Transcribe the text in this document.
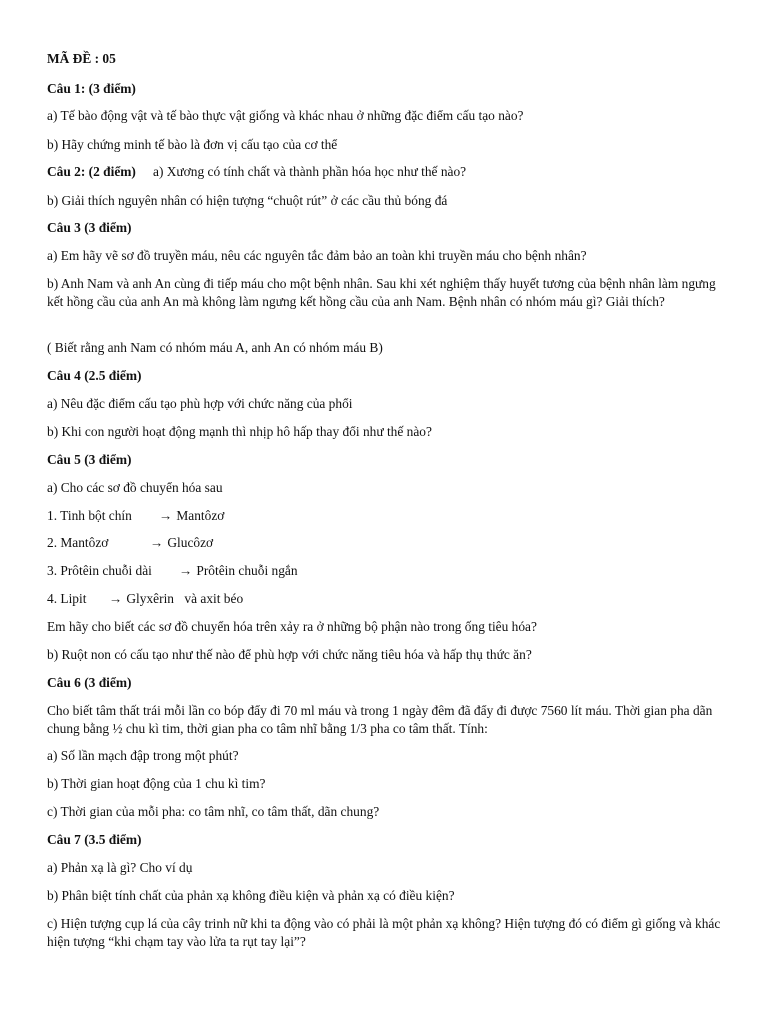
MÃ ĐỀ : 05
Câu 1: (3 điểm)
a) Tế bào động vật và tế bào thực vật giống và khác nhau ở những đặc điểm cấu tạo nào?
b) Hãy chứng minh tế bào là đơn vị cấu tạo của cơ thể
Câu 2: (2 điểm) a) Xương có tính chất và thành phần hóa học như thế nào?
b) Giải thích nguyên nhân có hiện tượng “chuột rút” ở các cầu thủ bóng đá
Câu 3 (3 điểm)
a) Em hãy vẽ sơ đồ truyền máu, nêu các nguyên tắc đảm bảo an toàn khi truyền máu cho bệnh nhân?
b) Anh Nam và anh An cùng đi tiếp máu cho một bệnh nhân. Sau khi xét nghiệm thấy huyết tương của bệnh nhân làm ngưng kết hồng cầu của anh An mà không làm ngưng kết hồng cầu của anh Nam. Bệnh nhân có nhóm máu gì? Giải thích?
( Biết rằng anh Nam có nhóm máu A, anh An có nhóm máu B)
Câu 4 (2.5 điểm)
a) Nêu đặc điểm cấu tạo phù hợp với chức năng của phổi
b) Khi con người hoạt động mạnh thì nhịp hô hấp thay đổi như thế nào?
Câu 5 (3 điểm)
a) Cho các sơ đồ chuyển hóa sau
1. Tinh bột chín → Mantôzơ
2. Mantôzơ	→ Glucôzơ
3. Prôtêin chuỗi dài → Prôtêin chuỗi ngắn
4. Lipit → Glyxêrin và axit béo
Em hãy cho biết các sơ đồ chuyển hóa trên xảy ra ở những bộ phận nào trong ống tiêu hóa?
b) Ruột non có cấu tạo như thế nào để phù hợp với chức năng tiêu hóa và hấp thụ thức ăn?
Câu 6 (3 điểm)
Cho biết tâm thất trái mỗi lần co bóp đẩy đi 70 ml máu và trong 1 ngày đêm đã đẩy đi được 7560 lít máu. Thời gian pha dãn chung bằng ½ chu kì tim, thời gian pha co tâm nhĩ bằng 1/3 pha co tâm thất. Tính:
a) Số lần mạch đập trong một phút?
b) Thời gian hoạt động của 1 chu kì tim?
c) Thời gian của mỗi pha: co tâm nhĩ, co tâm thất, dãn chung?
Câu 7 (3.5 điểm)
a) Phản xạ là gì? Cho ví dụ
b) Phân biệt tính chất của phản xạ không điều kiện và phản xạ có điều kiện?
c) Hiện tượng cụp lá của cây trinh nữ khi ta động vào có phải là một phản xạ không? Hiện tượng đó có điểm gì giống và khác hiện tượng “khi chạm tay vào lửa ta rụt tay lại”?
